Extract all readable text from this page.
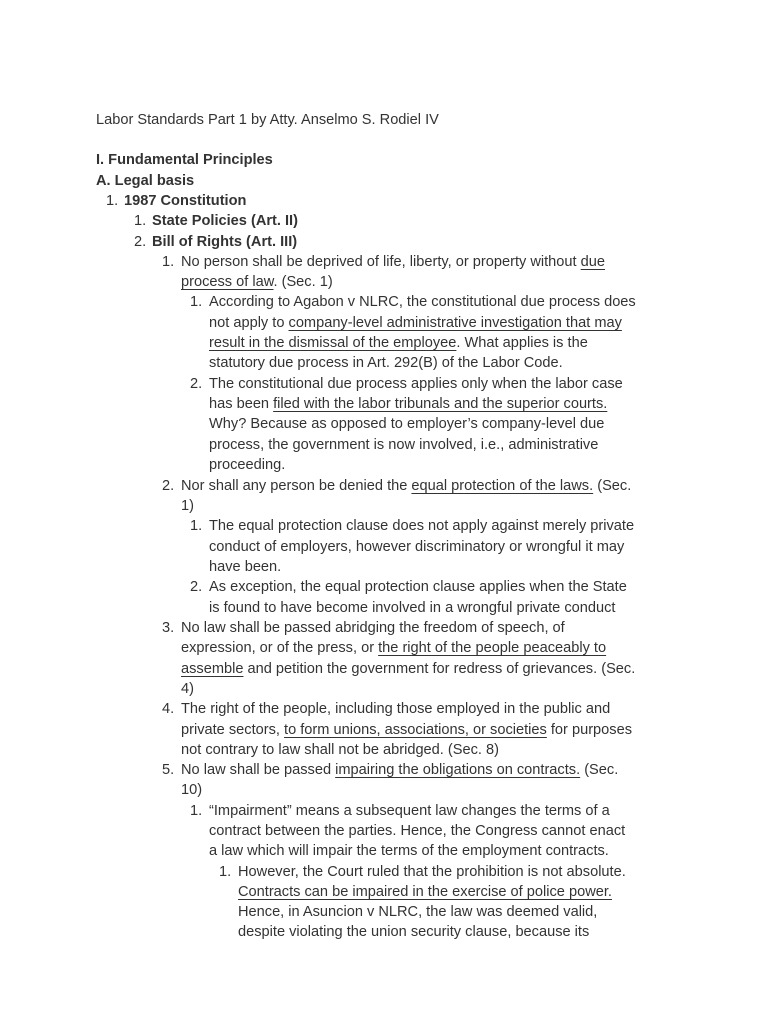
Labor Standards Part 1 by Atty. Anselmo S. Rodiel IV
I. Fundamental Principles
A. Legal basis
1. 1987 Constitution
1. State Policies (Art. II)
2. Bill of Rights (Art. III)
1. No person shall be deprived of life, liberty, or property without due
process of law. (Sec. 1)
1. According to Agabon v NLRC, the constitutional due process does
not apply to company-level administrative investigation that may
result in the dismissal of the employee. What applies is the
statutory due process in Art. 292(B) of the Labor Code.
2. The constitutional due process applies only when the labor case
has been filed with the labor tribunals and the superior courts.
Why? Because as opposed to employer’s company-level due
process, the government is now involved, i.e., administrative
proceeding.
2. Nor shall any person be denied the equal protection of the laws. (Sec.
1)
1. The equal protection clause does not apply against merely private
conduct of employers, however discriminatory or wrongful it may
have been.
2. As exception, the equal protection clause applies when the State
is found to have become involved in a wrongful private conduct
3. No law shall be passed abridging the freedom of speech, of
expression, or of the press, or the right of the people peaceably to
assemble and petition the government for redress of grievances. (Sec.
4)
4. The right of the people, including those employed in the public and
private sectors, to form unions, associations, or societies for purposes
not contrary to law shall not be abridged. (Sec. 8)
5. No law shall be passed impairing the obligations on contracts. (Sec.
10)
1. “Impairment” means a subsequent law changes the terms of a
contract between the parties. Hence, the Congress cannot enact
a law which will impair the terms of the employment contracts.
1. However, the Court ruled that the prohibition is not absolute.
Contracts can be impaired in the exercise of police power.
Hence, in Asuncion v NLRC, the law was deemed valid,
despite violating the union security clause, because its
